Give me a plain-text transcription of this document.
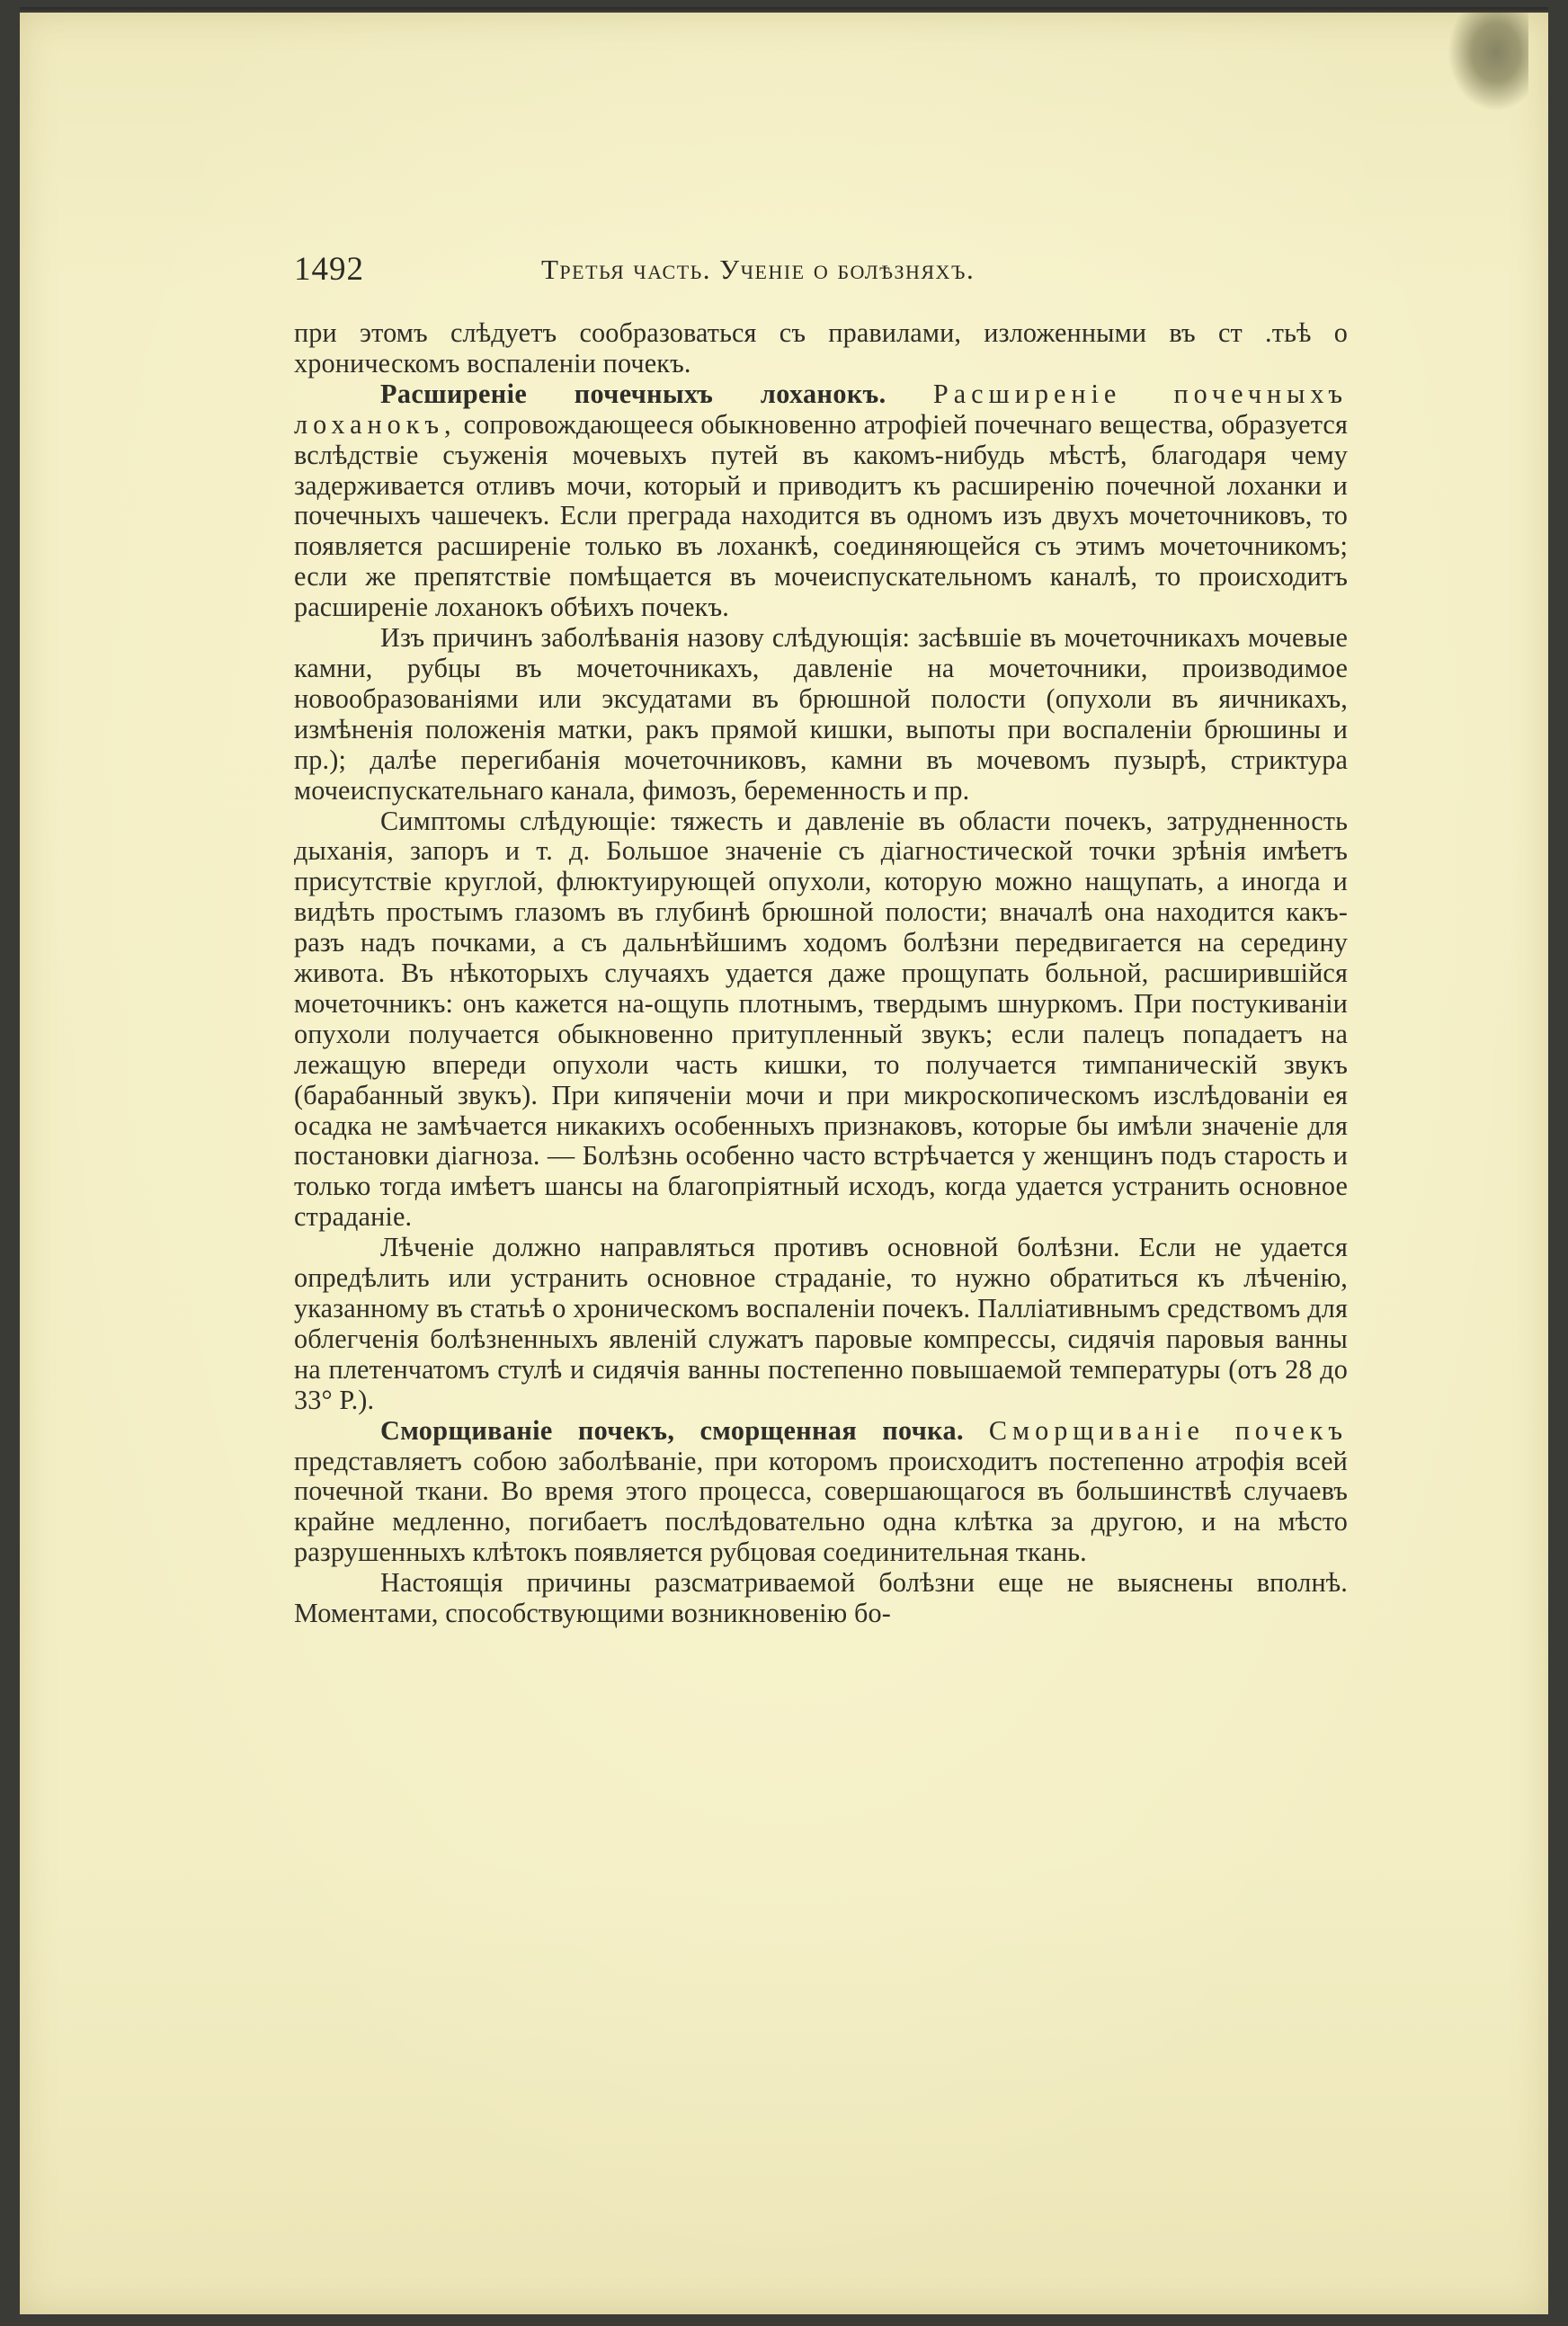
1492	Третья часть. Ученіе о болѣзняхъ.

при этомъ слѣдуетъ сообразоваться съ правилами, изложенными въ ст .тьѣ о хроническомъ воспаленіи почекъ.

Расширеніе почечныхъ лоханокъ. Расширеніе почечныхъ лоханокъ, сопровождающееся обыкновенно атрофіей почечнаго вещества, образуется вслѣдствіе съуженія мочевыхъ путей въ какомъ-нибудь мѣстѣ, благодаря чему задерживается отливъ мочи, который и приводитъ къ расширенію почечной лоханки и почечныхъ чашечекъ. Если преграда находится въ одномъ изъ двухъ мочеточниковъ, то появляется расширеніе только въ лоханкѣ, соединяющейся съ этимъ мочеточникомъ; если же препятствіе помѣщается въ мочеиспускательномъ каналѣ, то происходитъ расширеніе лоханокъ обѣихъ почекъ.

Изъ причинъ заболѣванія назову слѣдующія: засѣвшіе въ мочеточникахъ мочевые камни, рубцы въ мочеточникахъ, давленіе на мочеточники, производимое новообразованіями или эксудатами въ брюшной полости (опухоли въ яичникахъ, измѣненія положенія матки, ракъ прямой кишки, выпоты при воспаленіи брюшины и пр.); далѣе перегибанія мочеточниковъ, камни въ мочевомъ пузырѣ, стриктура мочеиспускательнаго канала, фимозъ, беременность и пр.

Симптомы слѣдующіе: тяжесть и давленіе въ области почекъ, затрудненность дыханія, запоръ и т. д. Большое значеніе съ діагностической точки зрѣнія имѣетъ присутствіе круглой, флюктуирующей опухоли, которую можно нащупать, а иногда и видѣть простымъ глазомъ въ глубинѣ брюшной полости; вначалѣ она находится какъ-разъ надъ почками, а съ дальнѣйшимъ ходомъ болѣзни передвигается на середину живота. Въ нѣкоторыхъ случаяхъ удается даже прощупать больной, расширившійся мочеточникъ: онъ кажется на-ощупь плотнымъ, твердымъ шнуркомъ. При постукиваніи опухоли получается обыкновенно притупленный звукъ; если палецъ попадаетъ на лежащую впереди опухоли часть кишки, то получается тимпаническій звукъ (барабанный звукъ). При кипяченіи мочи и при микроскопическомъ изслѣдованіи ея осадка не замѣчается никакихъ особенныхъ признаковъ, которые бы имѣли значеніе для постановки діагноза. — Болѣзнь особенно часто встрѣчается у женщинъ подъ старость и только тогда имѣетъ шансы на благопріятный исходъ, когда удается устранить основное страданіе.

Лѣченіе должно направляться противъ основной болѣзни. Если не удается опредѣлить или устранить основное страданіе, то нужно обратиться къ лѣченію, указанному въ статьѣ о хроническомъ воспаленіи почекъ. Палліативнымъ средствомъ для облегченія болѣзненныхъ явленій служатъ паровые компрессы, сидячія паровыя ванны на плетенчатомъ стулѣ и сидячія ванны постепенно повышаемой температуры (отъ 28 до 33° Р.).

Сморщиваніе почекъ, сморщенная почка. Сморщиваніе почекъ представляетъ собою заболѣваніе, при которомъ происходитъ постепенно атрофія всей почечной ткани. Во время этого процесса, совершающагося въ большинствѣ случаевъ крайне медленно, погибаетъ послѣдовательно одна клѣтка за другою, и на мѣсто разрушенныхъ клѣтокъ появляется рубцовая соединительная ткань.

Настоящія причины разсматриваемой болѣзни еще не выяснены вполнѣ. Моментами, способствующими возникновенію бо-
